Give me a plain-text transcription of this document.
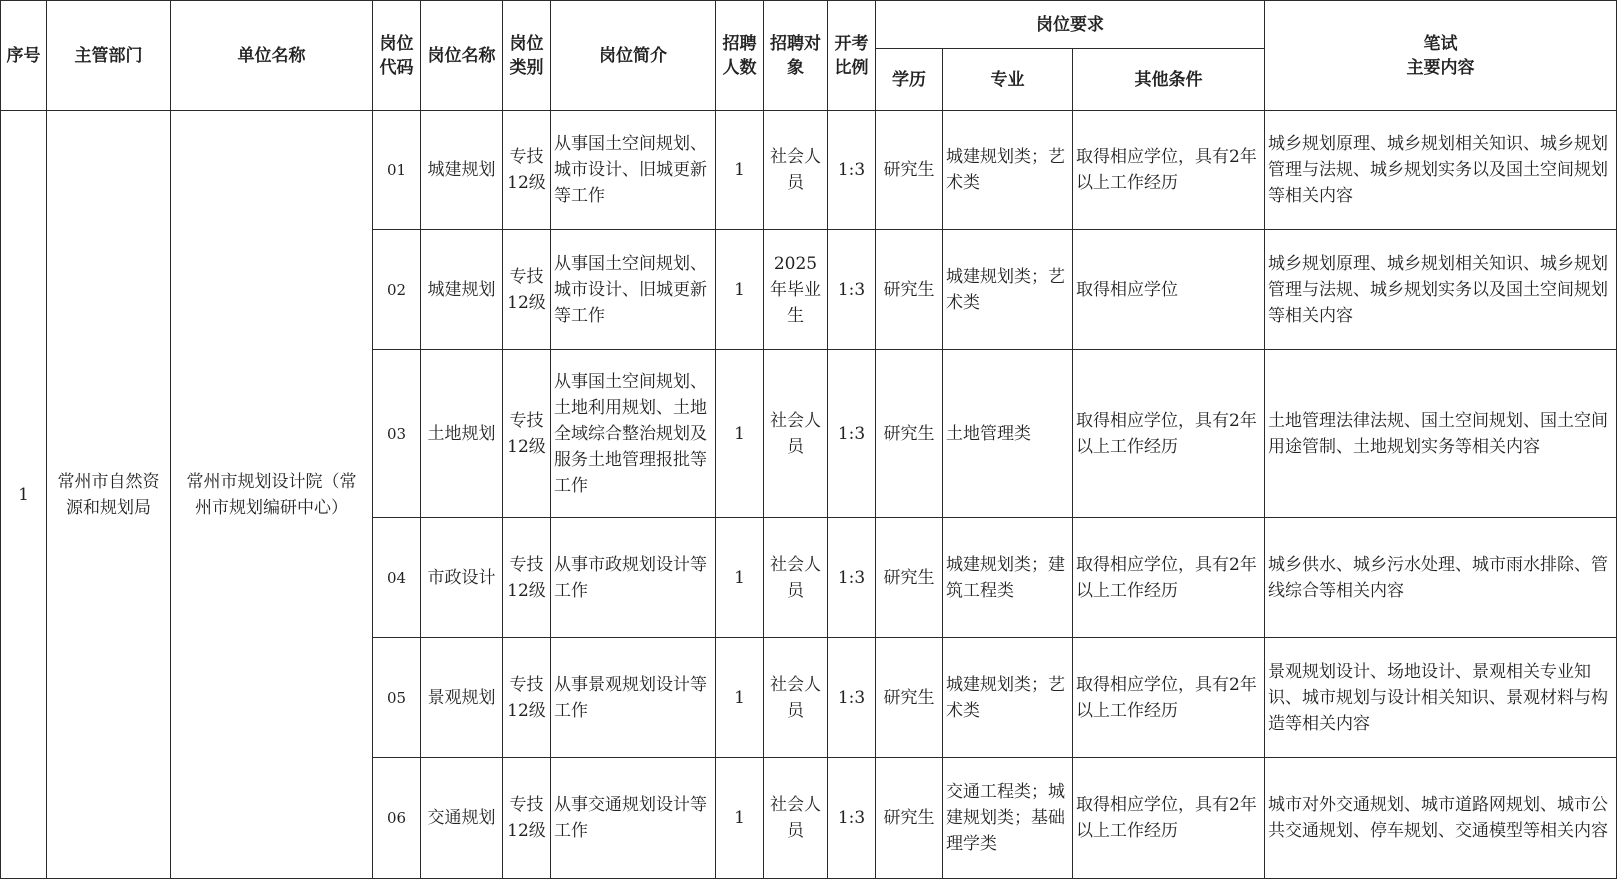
序号	主管部门	单位名称	岗位代码	岗位名称	岗位类别	岗位简介	招聘人数	招聘对象	开考比例	岗位要求			笔试
主要内容

										学历	专业	其他条件	
1	常州市自然资源和规划局	常州市规划设计院（常州市规划编研中心）	01	城建规划	专技12级	从事国土空间规划、城市设计、旧城更新等工作	1	社会人员	1:3	研究生	城建规划类；艺术类	取得相应学位，具有2年以上工作经历	城乡规划原理、城乡规划相关知识、城乡规划管理与法规、城乡规划实务以及国土空间规划等相关内容
			02	城建规划	专技12级	从事国土空间规划、城市设计、旧城更新等工作	1	2025年毕业生	1:3	研究生	城建规划类；艺术类	取得相应学位	城乡规划原理、城乡规划相关知识、城乡规划管理与法规、城乡规划实务以及国土空间规划等相关内容
			03	土地规划	专技12级	从事国土空间规划、土地利用规划、土地全域综合整治规划及服务土地管理报批等工作	1	社会人员	1:3	研究生	土地管理类	取得相应学位，具有2年以上工作经历	土地管理法律法规、国土空间规划、国土空间用途管制、土地规划实务等相关内容
			04	市政设计	专技12级	从事市政规划设计等工作	1	社会人员	1:3	研究生	城建规划类；建筑工程类	取得相应学位，具有2年以上工作经历	城乡供水、城乡污水处理、城市雨水排除、管线综合等相关内容
			05	景观规划	专技12级	从事景观规划设计等工作	1	社会人员	1:3	研究生	城建规划类；艺术类	取得相应学位，具有2年以上工作经历	景观规划设计、场地设计、景观相关专业知识、城市规划与设计相关知识、景观材料与构造等相关内容
			06	交通规划	专技12级	从事交通规划设计等工作	1	社会人员	1:3	研究生	交通工程类；城建规划类；基础理学类	取得相应学位，具有2年以上工作经历	城市对外交通规划、城市道路网规划、城市公共交通规划、停车规划、交通模型等相关内容
